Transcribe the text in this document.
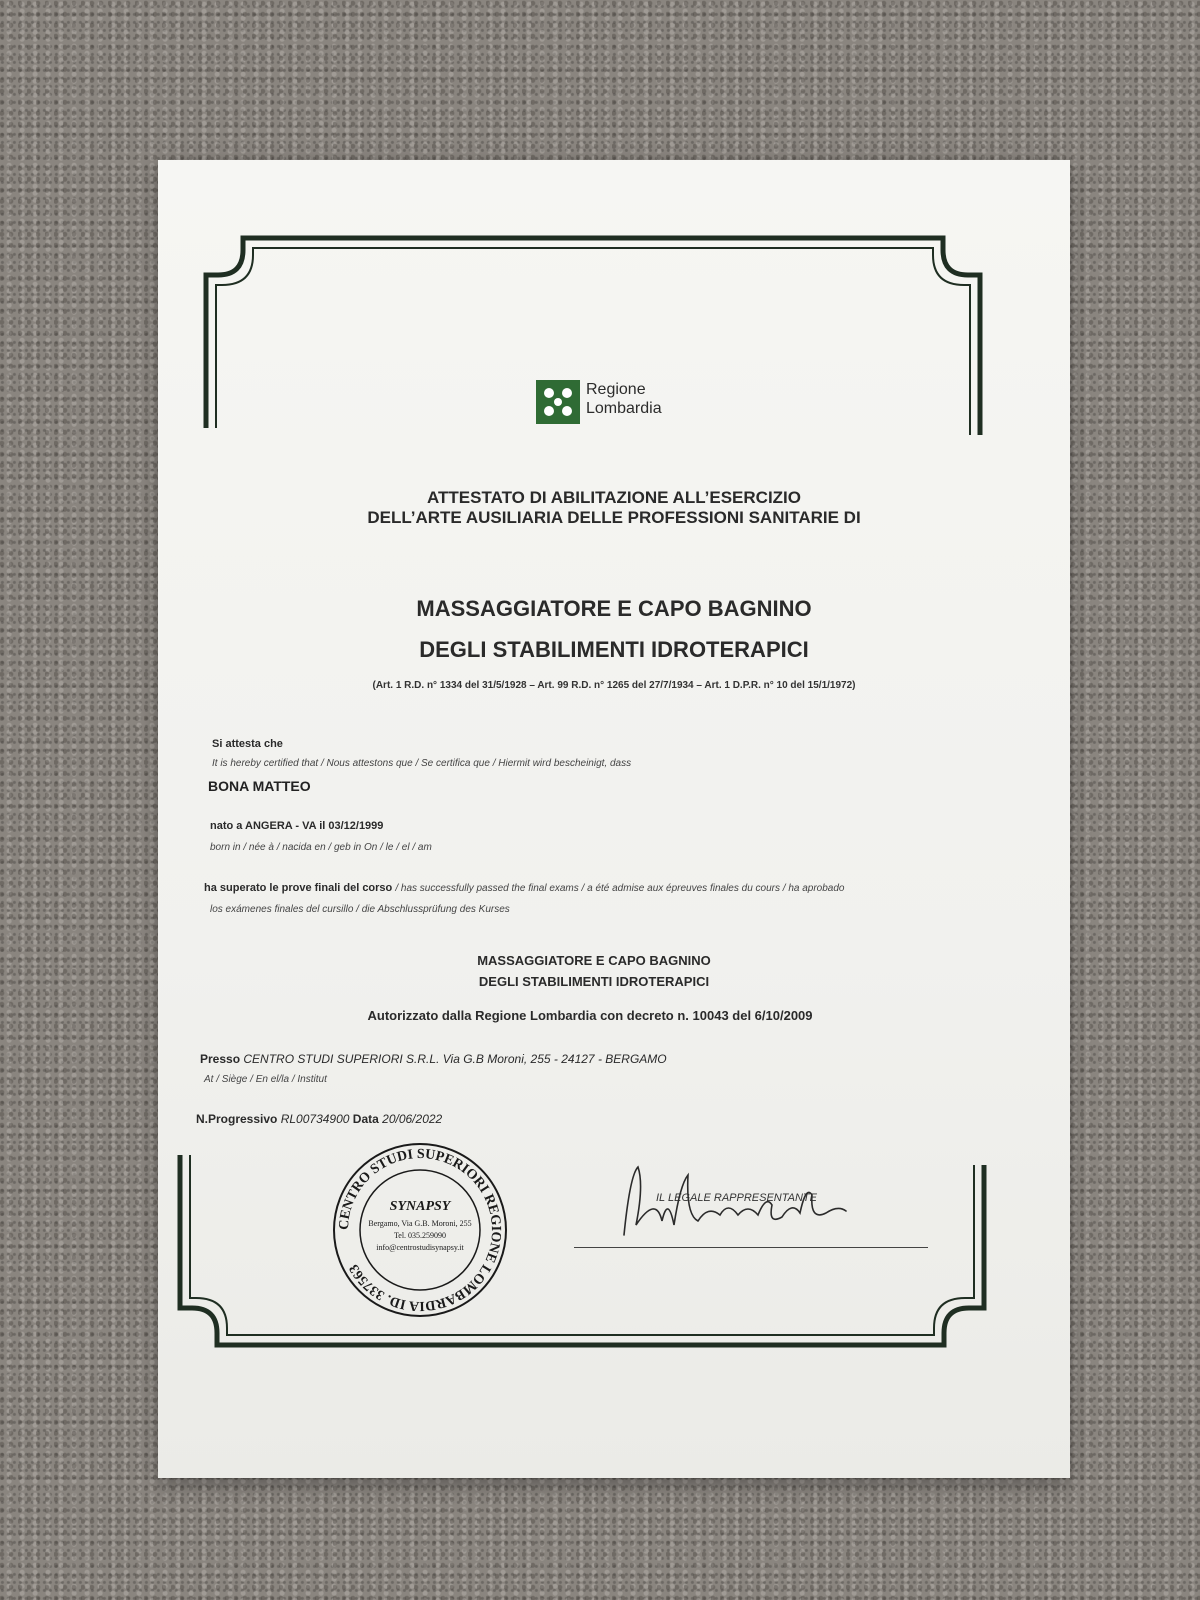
Regione
Lombardia
ATTESTATO DI ABILITAZIONE ALL’ESERCIZIO
DELL’ARTE AUSILIARIA DELLE PROFESSIONI SANITARIE DI
MASSAGGIATORE E CAPO BAGNINO
DEGLI STABILIMENTI IDROTERAPICI
(Art. 1 R.D. n° 1334 del 31/5/1928 – Art. 99 R.D. n° 1265 del 27/7/1934 – Art. 1 D.P.R. n° 10 del 15/1/1972)
Si attesta che
It is hereby certified that / Nous attestons que / Se certifica que / Hiermit wird bescheinigt, dass
BONA MATTEO
nato a ANGERA - VA il 03/12/1999
born in / née à / nacida en / geb in On / le / el / am
ha superato le prove finali del corso / has successfully passed the final exams / a été admise aux épreuves finales du cours / ha aprobado
los exámenes finales del cursillo / die Abschlussprüfung des Kurses
MASSAGGIATORE E CAPO BAGNINO
DEGLI STABILIMENTI IDROTERAPICI
Autorizzato dalla Regione Lombardia con decreto n. 10043 del 6/10/2009
Presso CENTRO STUDI SUPERIORI S.R.L. Via G.B Moroni, 255 - 24127 - BERGAMO
At / Siège / En el/la / Institut
N.Progressivo RL00734900 Data 20/06/2022
CENTRO STUDI SUPERIORI REGIONE LOMBARDIA ID. 337563
SYNAPSY
Bergamo, Via G.B. Moroni, 255
Tel. 035.259090
info@centrostudisynapsy.it
IL LEGALE RAPPRESENTANTE
